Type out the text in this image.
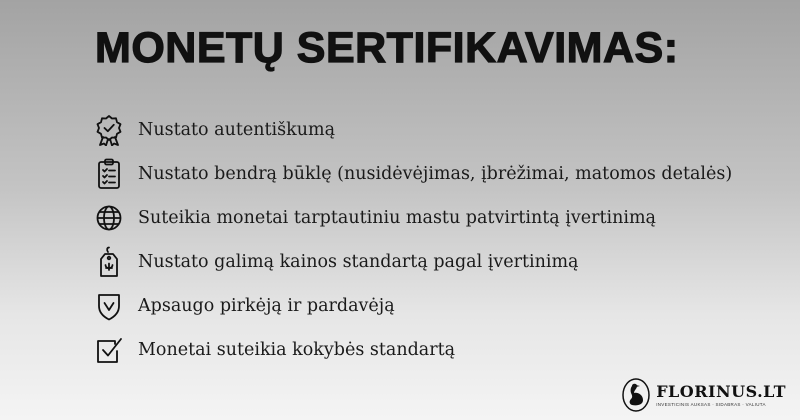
MONETŲ SERTIFIKAVIMAS:
Nustato autentiškumą
Nustato bendrą būklę (nusidėvėjimas, įbrėžimai, matomos detalės)
Suteikia monetai tarptautiniu mastu patvirtintą įvertinimą
Nustato galimą kainos standartą pagal įvertinimą
Apsaugo pirkėją ir pardavėją
Monetai suteikia kokybės standartą
FLORINUS.LT
INVESTICINIS AUKSAS · SIDABRAS · VALIUTA
